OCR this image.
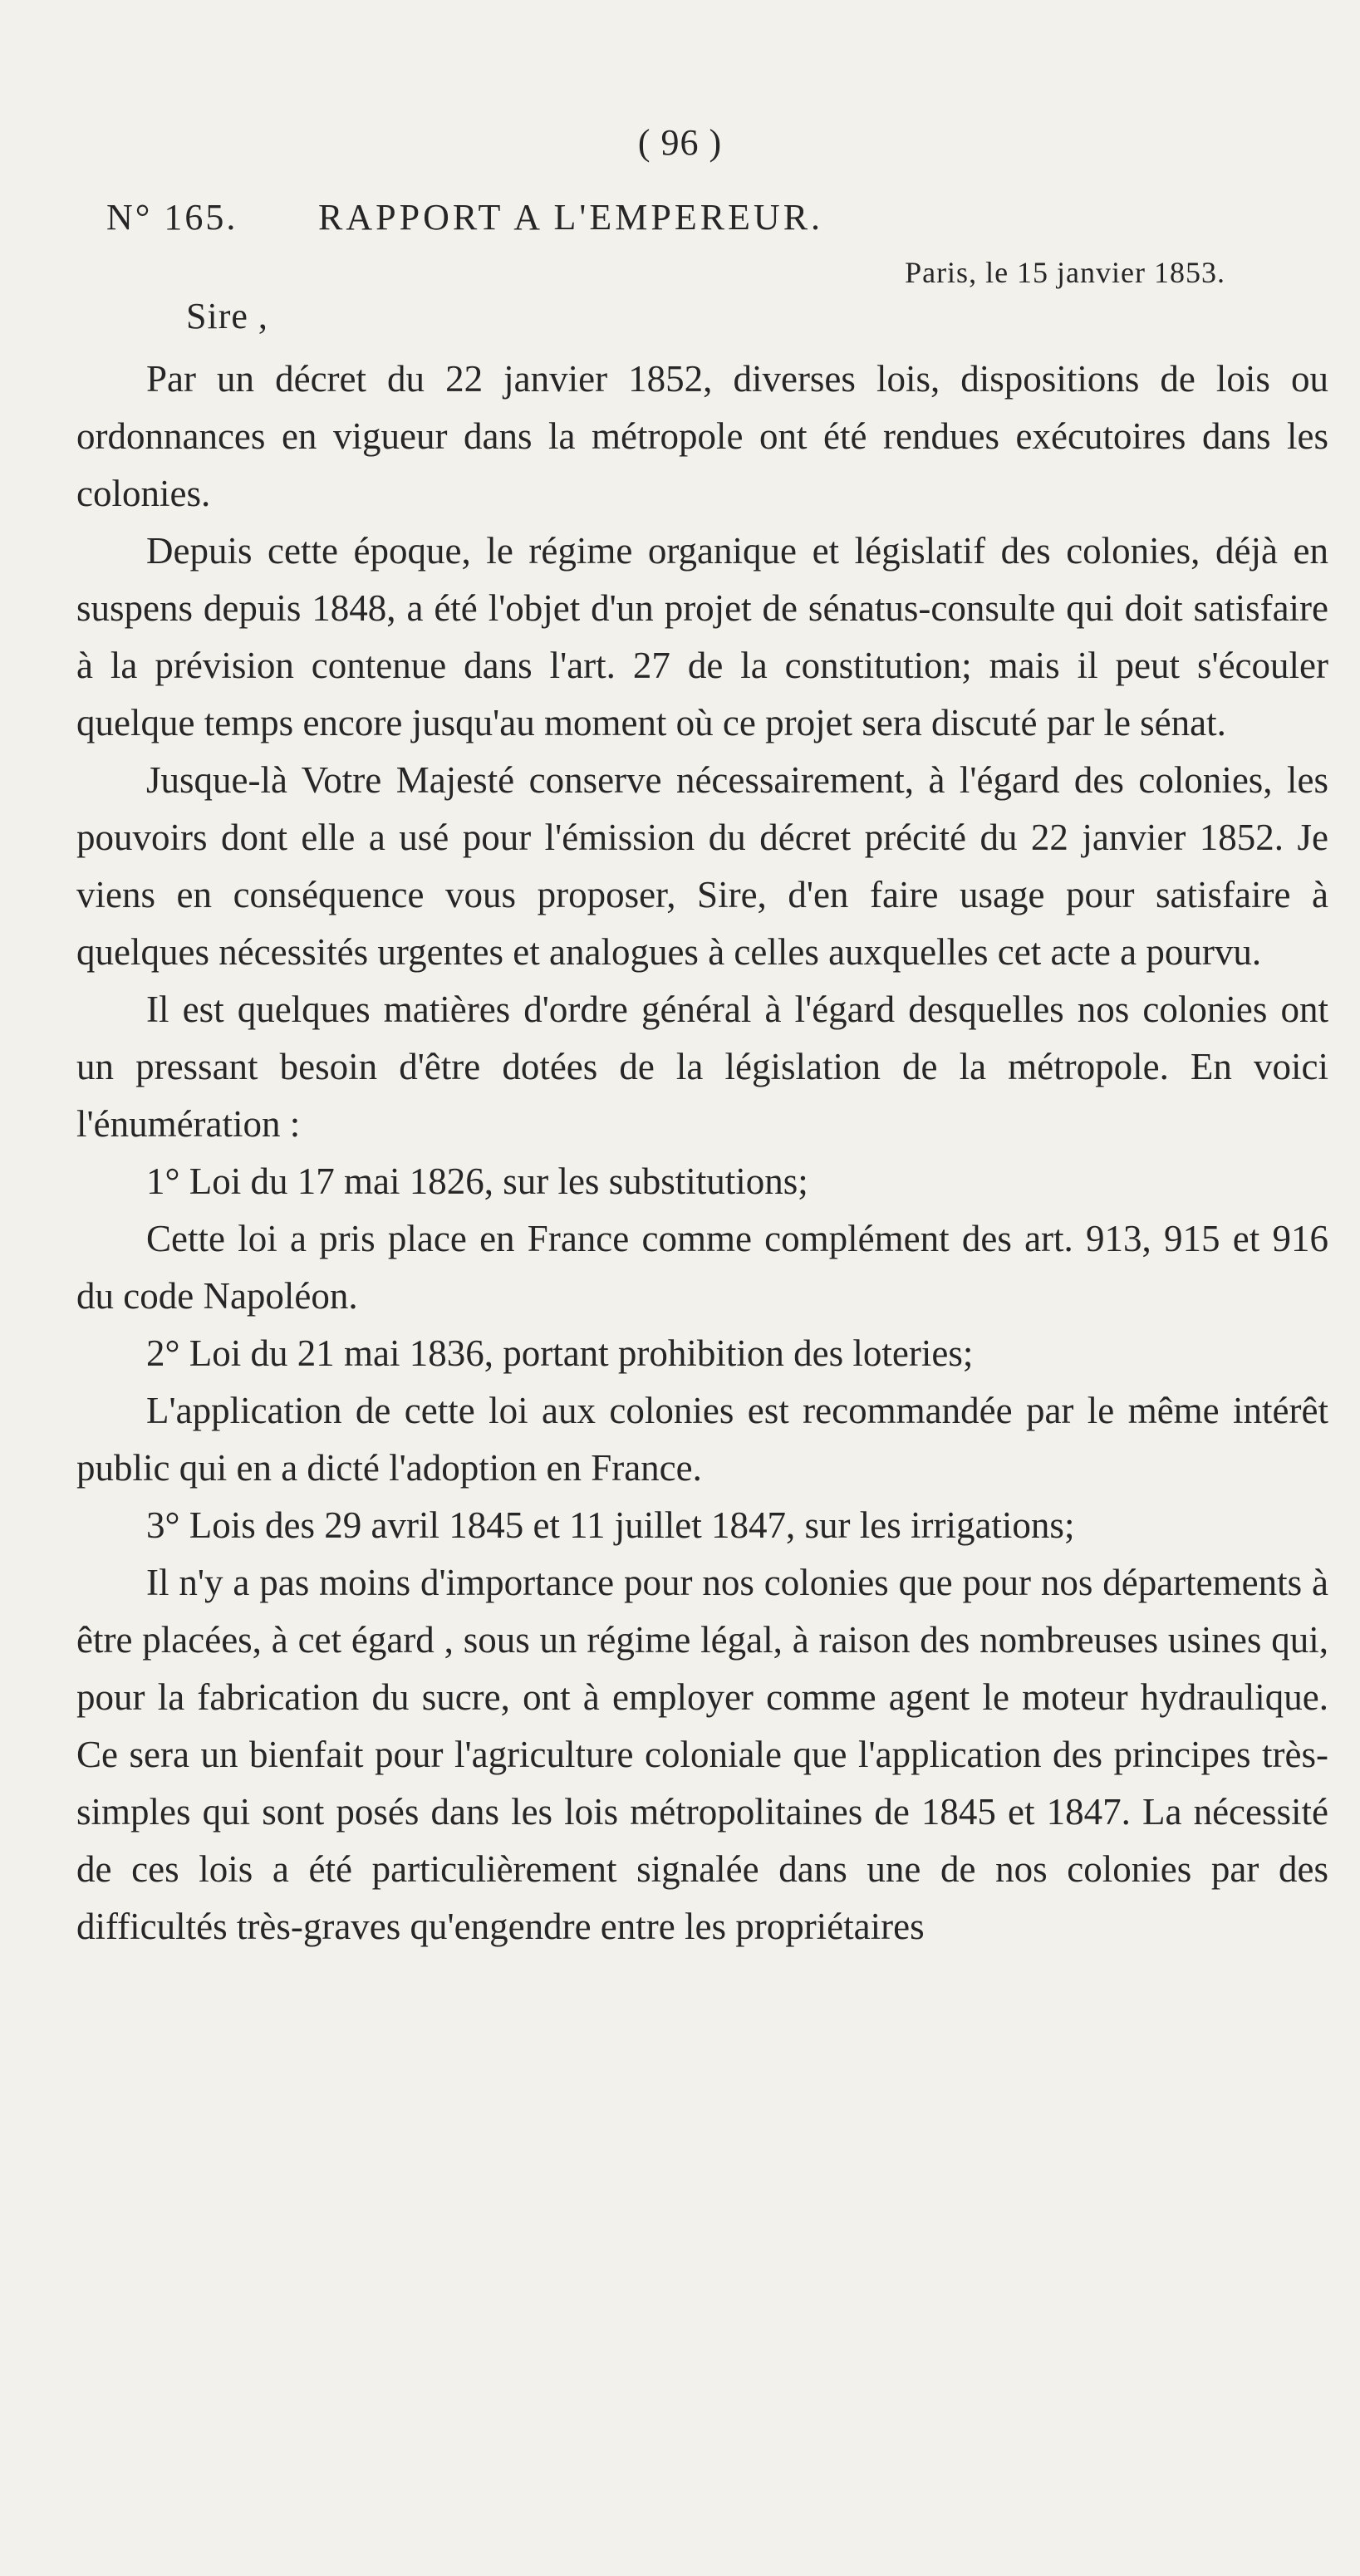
( 96 )
N° 165.	RAPPORT A L'EMPEREUR.
Paris, le 15 janvier 1853.
Sire ,

Par un décret du 22 janvier 1852, diverses lois, dispositions de lois ou ordonnances en vigueur dans la métropole ont été rendues exécutoires dans les colonies.

Depuis cette époque, le régime organique et législatif des colonies, déjà en suspens depuis 1848, a été l'objet d'un projet de sénatus-consulte qui doit satisfaire à la prévision contenue dans l'art. 27 de la constitution; mais il peut s'écouler quelque temps encore jusqu'au moment où ce projet sera discuté par le sénat.

Jusque-là Votre Majesté conserve nécessairement, à l'égard des colonies, les pouvoirs dont elle a usé pour l'émission du décret précité du 22 janvier 1852. Je viens en conséquence vous proposer, Sire, d'en faire usage pour satisfaire à quelques nécessités urgentes et analogues à celles auxquelles cet acte a pourvu.

Il est quelques matières d'ordre général à l'égard desquelles nos colonies ont un pressant besoin d'être dotées de la législation de la métropole. En voici l'énumération :

1° Loi du 17 mai 1826, sur les substitutions;

Cette loi a pris place en France comme complément des art. 913, 915 et 916 du code Napoléon.

2° Loi du 21 mai 1836, portant prohibition des loteries;

L'application de cette loi aux colonies est recommandée par le même intérêt public qui en a dicté l'adoption en France.

3° Lois des 29 avril 1845 et 11 juillet 1847, sur les irrigations;

Il n'y a pas moins d'importance pour nos colonies que pour nos départements à être placées, à cet égard , sous un régime légal, à raison des nombreuses usines qui, pour la fabrication du sucre, ont à employer comme agent le moteur hydraulique. Ce sera un bienfait pour l'agriculture coloniale que l'application des principes très-simples qui sont posés dans les lois métropolitaines de 1845 et 1847. La nécessité de ces lois a été particulièrement signalée dans une de nos colonies par des difficultés très-graves qu'engendre entre les propriétaires
